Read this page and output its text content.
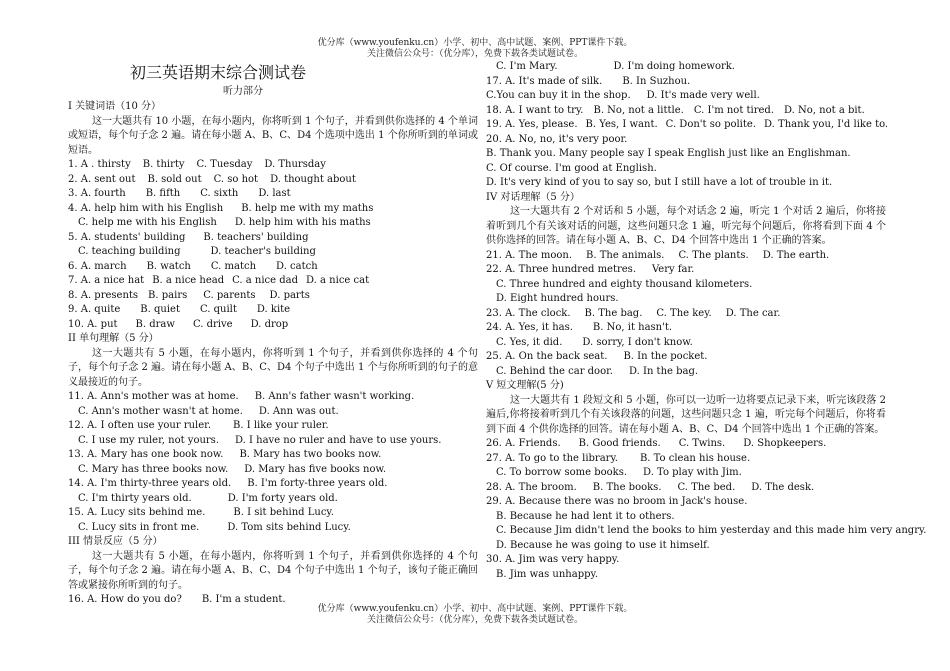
优分库（www.youfenku.cn）小学、初中、高中试题、案例、PPT课件下载。
关注微信公众号：（优分库），免费下载各类试题试卷。
初三英语期末综合测试卷
听力部分
I 关键词语（10 分）
这一大题共有 10 小题，在每小题内，你将听到 1 个句子，并看到供你选择的 4 个单词或短语，每个句子念 2 遍。请在每小题 A、B、C、D4 个选项中选出 1 个你所听到的单词或短语。
1. A . thirsty B. thirty C. Tuesday D. Thursday
2. A. sent out B. sold out C. so hot D. thought about
3. A. fourth B. fifth C. sixth D. last
4. A. help him with his English B. help me with my maths
C. help me with his English D. help him with his maths
5. A. students' building B. teachers' building
C. teaching building	D. teacher's building
6. A. march B. watch C. match D. catch
7. A. a nice hat B. a nice head C. a nice dad D. a nice cat
8. A. presents B. pairs C. parents D. parts
9. A. quite B. quiet C. quilt D. kite
10. A. put B. draw C. drive D. drop
II 单句理解（5 分）
这一大题共有 5 小题，在每小题内，你将听到 1 个句子，并看到供你选择的 4 个句子，每个句子念 2 遍。请在每小题 A、B、C、D4 个句子中选出 1 个与你所听到的句子的意义最接近的句子。
11. A. Ann's mother was at home. B. Ann's father wasn't working.
C. Ann's mother wasn't at home. D. Ann was out.
12. A. I often use your ruler. B. I like your ruler.
C. I use my ruler, not yours. D. I have no ruler and have to use yours.
13. A. Mary has one book now. B. Mary has two books now.
C. Mary has three books now. D. Mary has five books now.
14. A. I'm thirty-three years old. B. I'm forty-three years old.
C. I'm thirty years old.	D. I'm forty years old.
15. A. Lucy sits behind me.	B. I sit behind Lucy.
C. Lucy sits in front me.	D. Tom sits behind Lucy.
III 情景反应（5 分）
这一大题共有 5 小题，在每小题内，你将听到 1 个句子，并看到供你选择的 4 个句子，每个句子念 2 遍。请在每小题 A、B、C、D4 个句子中选出 1 个句子，该句子能正确回答或紧接你所听到的句子。
16. A. How do you do? B. I'm a student.
C. I'm Mary.	D. I'm doing homework.
17. A. It's made of silk. B. In Suzhou.
C.You can buy it in the shop. D. It's made very well.
18. A. I want to try. B. No, not a little. C. I'm not tired. D. No, not a bit.
19. A. Yes, please. B. Yes, I want. C. Don't so polite. D. Thank you, I'd like to.
20. A. No, no, it's very poor.
B. Thank you. Many people say I speak English just like an Englishman.
C. Of course. I'm good at English.
D. It's very kind of you to say so, but I still have a lot of trouble in it.
IV 对话理解（5 分）
这一大题共有 2 个对话和 5 小题，每个对话念 2 遍，听完 1 个对话 2 遍后，你将接着听到几个有关该对话的问题，这些问题只念 1 遍，听完每个问题后，你将看到下面 4 个供你选择的回答。请在每小题 A、B、C、D4 个回答中选出 1 个正确的答案。
21. A. The moon. B. The animals. C. The plants. D. The earth.
22. A. Three hundred metres. Very far.
C. Three hundred and eighty thousand kilometers.
D. Eight hundred hours.
23. A. The clock. B. The bag. C. The key. D. The car.
24. A. Yes, it has. B. No, it hasn't.
C. Yes, it did. D. sorry, I don't know.
25. A. On the back seat. B. In the pocket.
C. Behind the car door. D. In the bag.
V 短文理解(5 分)
这一大题共有 1 段短文和 5 小题，你可以一边听一边将要点记录下来，听完该段落 2 遍后,你将接着听到几个有关该段落的问题，这些问题只念 1 遍，听完每个问题后，你将看到下面 4 个供你选择的回答。请在每小题 A、B、C、D4 个回答中选出 1 个正确的答案。
26. A. Friends. B. Good friends. C. Twins. D. Shopkeepers.
27. A. To go to the library. B. To clean his house.
C. To borrow some books. D. To play with Jim.
28. A. The broom. B. The books. C. The bed. D. The desk.
29. A. Because there was no broom in Jack's house.
B. Because he had lent it to others.
C. Because Jim didn't lend the books to him yesterday and this made him very angry.
D. Because he was going to use it himself.
30. A. Jim was very happy.
B. Jim was unhappy.
优分库（www.youfenku.cn）小学、初中、高中试题、案例、PPT课件下载。
关注微信公众号：（优分库），免费下载各类试题试卷。
